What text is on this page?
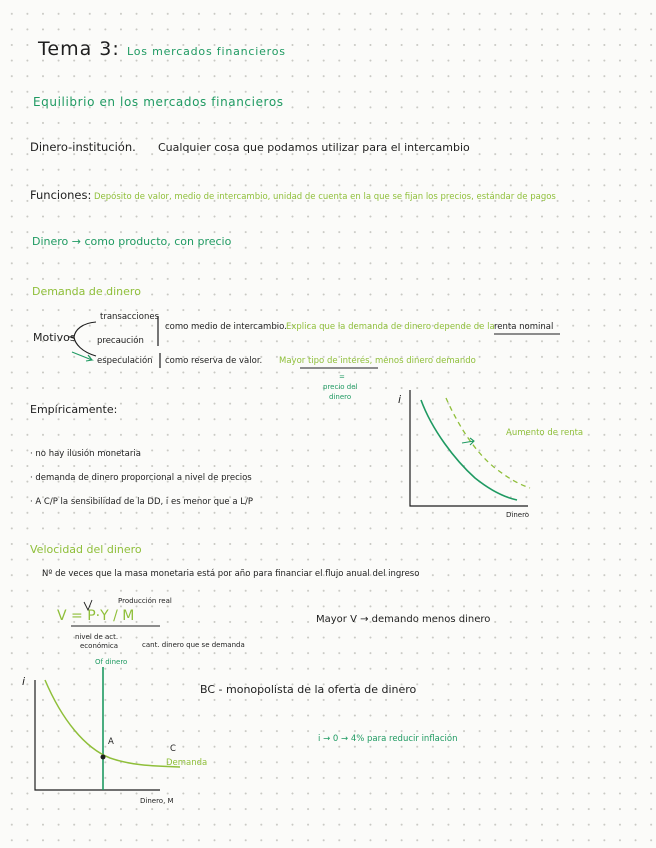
Tema 3: Los mercados financieros
Equilibrio en los mercados financieros
Dinero-institución. Cualquier cosa que podamos utilizar para el intercambio
Funciones: Depósito de valor, medio de intercambio, unidad de cuenta en la que se fijan los precios, estándar de pagos
Dinero → como producto, con precio
Demanda de dinero
Motivos
transacciones
precaución
especulación
como medio de intercambio. Explica que la demanda de dinero depende de la renta nominal
como reserva de valor. Mayor tipo de interés, menos dinero demando
=
precio del
dinero
Empíricamente:
· no hay ilusión monetaria
· demanda de dinero proporcional a nivel de precios
· A C/P la sensibilidad de la DD, i es menor que a L/P
i
Dinero
Aumento de renta
Velocidad del dinero
Nº de veces que la masa monetaria está por año para financiar el flujo anual del ingreso
V = P·Y / M
Producción real
nivel de act.
económica	cant. dinero que se demanda
Mayor V → demando menos dinero
i
Dinero, M
Of dinero
Demanda
A
C
BC - monopolista de la oferta de dinero
i → 0 → 4% para reducir inflación
